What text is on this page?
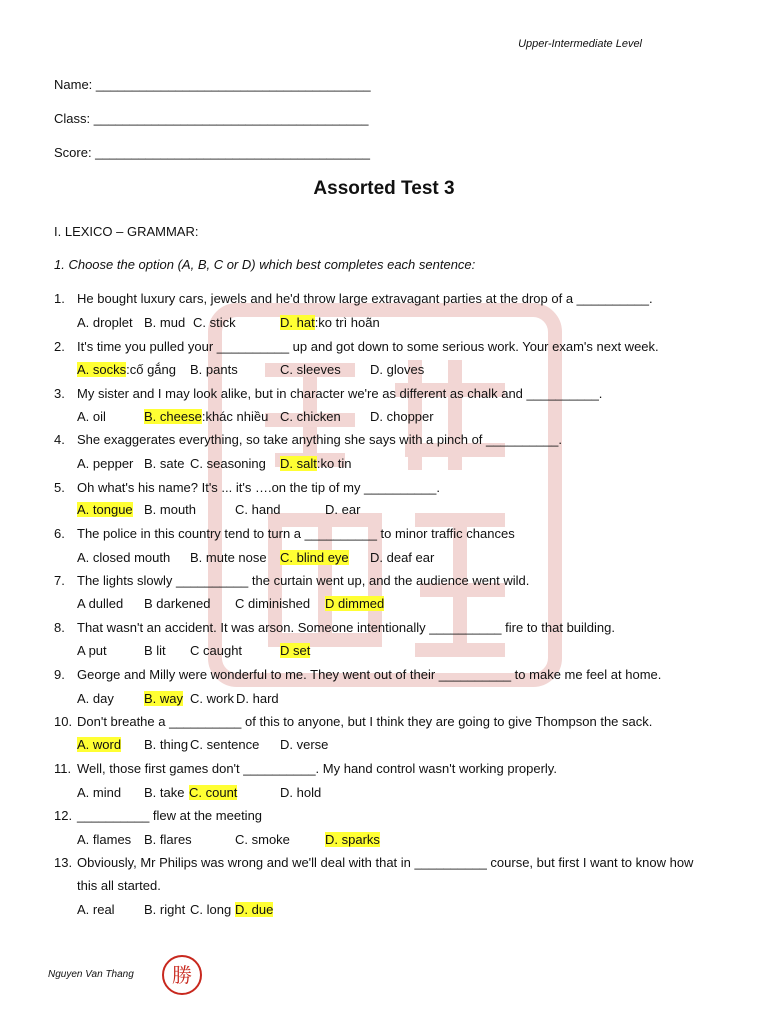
Upper-Intermediate Level
Name: ______________________________________
Class: ______________________________________
Score: ______________________________________
Assorted Test 3
I. LEXICO – GRAMMAR:
1. Choose the option (A, B, C or D) which best completes each sentence:
1. He bought luxury cars, jewels and he'd throw large extravagant parties at the drop of a __________.
A. droplet B. mud C. stick	D. hat:ko trì hoãn
2. It's time you pulled your __________ up and got down to some serious work. Your exam's next week.
A. socks:cố gắng B. pants	C. sleeves D. gloves
3. My sister and I may look alike, but in character we're as different as chalk and __________.
A. oil	B. cheese:khác nhiều C. chicken D. chopper
4. She exaggerates everything, so take anything she says with a pinch of __________.
A. pepper B. sate C. seasoning D. salt:ko tin
5. Oh what's his name? It's ... it's ….on the tip of my __________.
A. tongue B. mouth	C. hand	D. ear
6. The police in this country tend to turn a __________ to minor traffic chances
A. closed mouth B. mute nose C. blind eye D. deaf ear
7. The lights slowly __________ the curtain went up, and the audience went wild.
A dulled B darkened C diminished D dimmed
8. That wasn't an accident. It was arson. Someone intentionally __________ fire to that building.
A put	B lit C caught	D set
9. George and Milly were wonderful to me. They went out of their __________ to make me feel at home.
A. day B. way C. work D. hard
10. Don't breathe a __________ of this to anyone, but I think they are going to give Thompson the sack.
A. word B. thing C. sentence D. verse
11. Well, those first games don't __________. My hand control wasn't working properly.
A. mind B. take C. count	D. hold
12. __________ flew at the meeting
A. flames B. flares	C. smoke	D. sparks
13. Obviously, Mr Philips was wrong and we'll deal with that in __________ course, but first I want to know how
this all started.
A. real B. right C. long D. due
Nguyen Van Thang	勝
